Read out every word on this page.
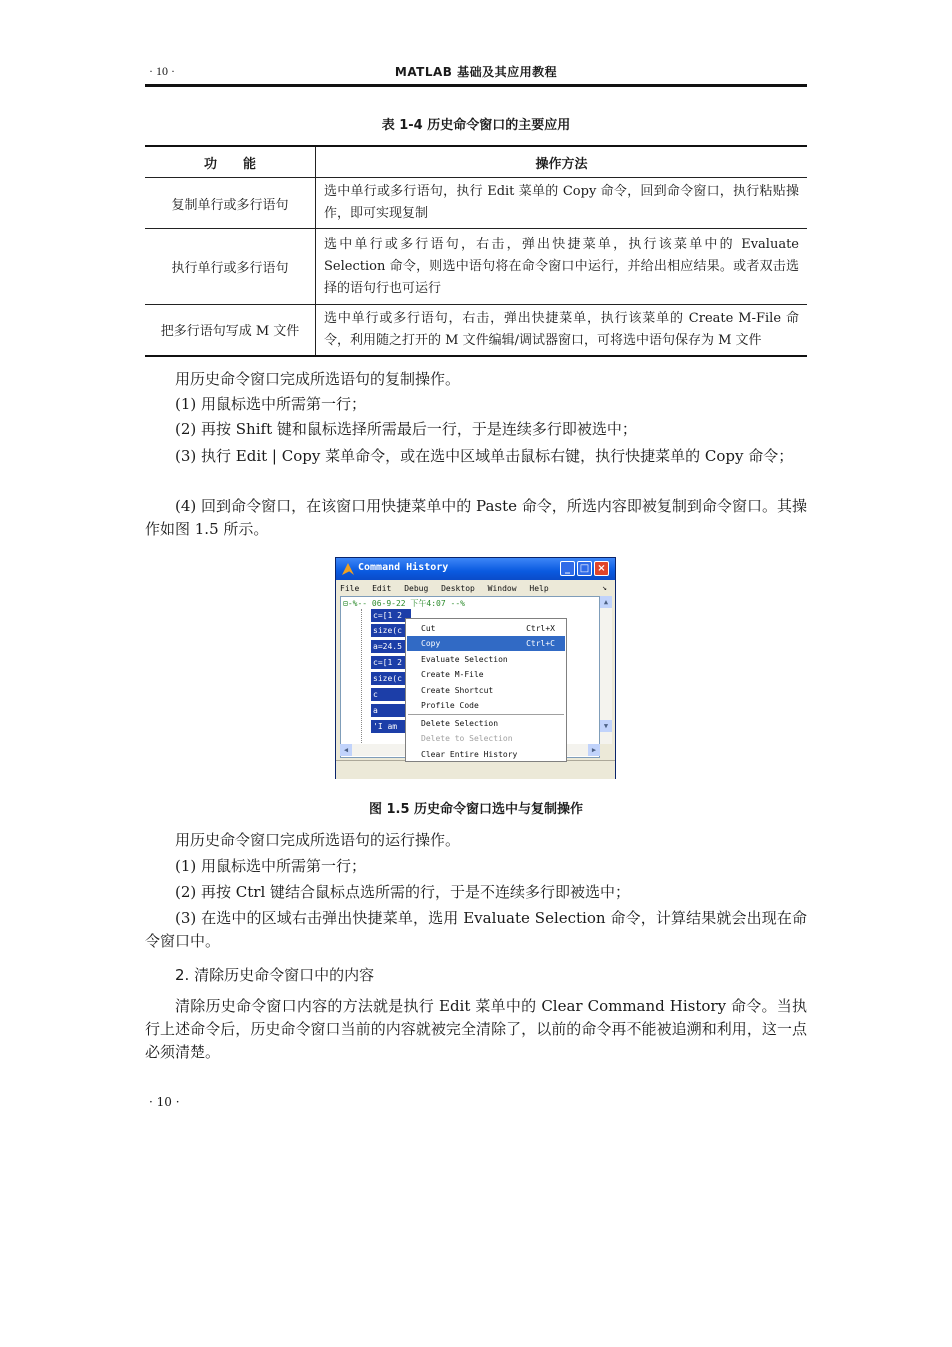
· 10 ·	MATLAB 基础及其应用教程
表 1-4 历史命令窗口的主要应用
功　　能	操作方法
复制单行或多行语句	选中单行或多行语句，执行 Edit 菜单的 Copy 命令，回到命令窗口，执行粘贴操作，即可实现复制
执行单行或多行语句	选中单行或多行语句，右击，弹出快捷菜单，执行该菜单中的 Evaluate Selection 命令，则选中语句将在命令窗口中运行，并给出相应结果。或者双击选择的语句行也可运行
把多行语句写成 M 文件	选中单行或多行语句，右击，弹出快捷菜单，执行该菜单的 Create M-File 命令，利用随之打开的 M 文件编辑/调试器窗口，可将选中语句保存为 M 文件
用历史命令窗口完成所选语句的复制操作。
(1) 用鼠标选中所需第一行；
(2) 再按 Shift 键和鼠标选择所需最后一行，于是连续多行即被选中；
(3) 执行 Edit | Copy 菜单命令，或在选中区域单击鼠标右键，执行快捷菜单的 Copy 命令；
(4) 回到命令窗口，在该窗口用快捷菜单中的 Paste 命令，所选内容即被复制到命令窗口。其操作如图 1.5 所示。
Command History	_ □ ×
File Edit Debug Desktop Window Help	↘
⊟-%-- 06-9-22 下午4:07 --%
c=[1 2
size(c
a=24.5
c=[1 2
size(c
c
a
'I am
▲
▼
◀	▶
Cut	Ctrl+X
Copy	Ctrl+C
Evaluate Selection
Create M-File
Create Shortcut
Profile Code
Delete Selection
Delete to Selection
Clear Entire History
图 1.5 历史命令窗口选中与复制操作
用历史命令窗口完成所选语句的运行操作。
(1) 用鼠标选中所需第一行；
(2) 再按 Ctrl 键结合鼠标点选所需的行，于是不连续多行即被选中；
(3) 在选中的区域右击弹出快捷菜单，选用 Evaluate Selection 命令，计算结果就会出现在命令窗口中。
2. 清除历史命令窗口中的内容
清除历史命令窗口内容的方法就是执行 Edit 菜单中的 Clear Command History 命令。当执行上述命令后，历史命令窗口当前的内容就被完全清除了，以前的命令再不能被追溯和利用，这一点必须清楚。
· 10 ·
